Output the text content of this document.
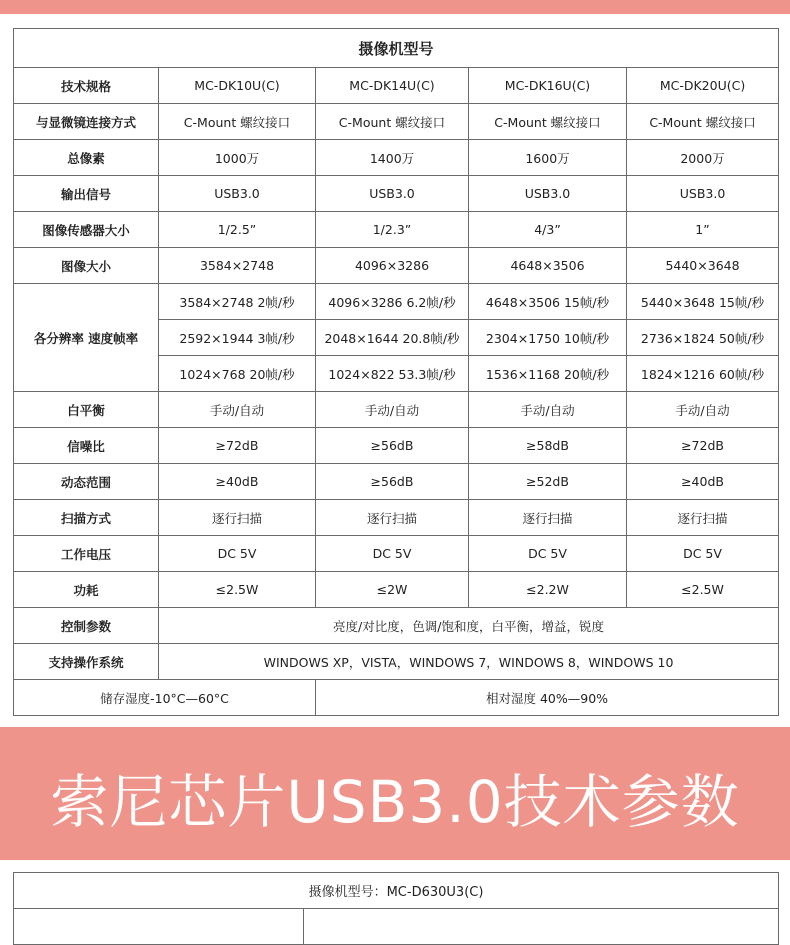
摄像机型号				
技术规格	MC-DK10U(C)	MC-DK14U(C)	MC-DK16U(C)	MC-DK20U(C)
与显微镜连接方式	C-Mount 螺纹接口	C-Mount 螺纹接口	C-Mount 螺纹接口	C-Mount 螺纹接口
总像素	1000万	1400万	1600万	2000万
输出信号	USB3.0	USB3.0	USB3.0	USB3.0
图像传感器大小	1/2.5”	1/2.3”	4/3”	1”
图像大小	3584×2748	4096×3286	4648×3506	5440×3648
各分辨率 速度帧率	3584×2748 2帧/秒	4096×3286 6.2帧/秒	4648×3506 15帧/秒	5440×3648 15帧/秒
	2592×1944 3帧/秒	2048×1644 20.8帧/秒	2304×1750 10帧/秒	2736×1824 50帧/秒
	1024×768 20帧/秒	1024×822 53.3帧/秒	1536×1168 20帧/秒	1824×1216 60帧/秒
白平衡	手动/自动	手动/自动	手动/自动	手动/自动
信噪比	≥72dB	≥56dB	≥58dB	≥72dB
动态范围	≥40dB	≥56dB	≥52dB	≥40dB
扫描方式	逐行扫描	逐行扫描	逐行扫描	逐行扫描
工作电压	DC 5V	DC 5V	DC 5V	DC 5V
功耗	≤2.5W	≤2W	≤2.2W	≤2.5W
控制参数	亮度/对比度，色调/饱和度，白平衡，增益，锐度			
支持操作系统	WINDOWS XP，VISTA，WINDOWS 7，WINDOWS 8，WINDOWS 10			
储存湿度-10°C—60°C		相对湿度 40%—90%		
索尼芯片USB3.0技术参数
摄像机型号：MC-D630U3(C)
